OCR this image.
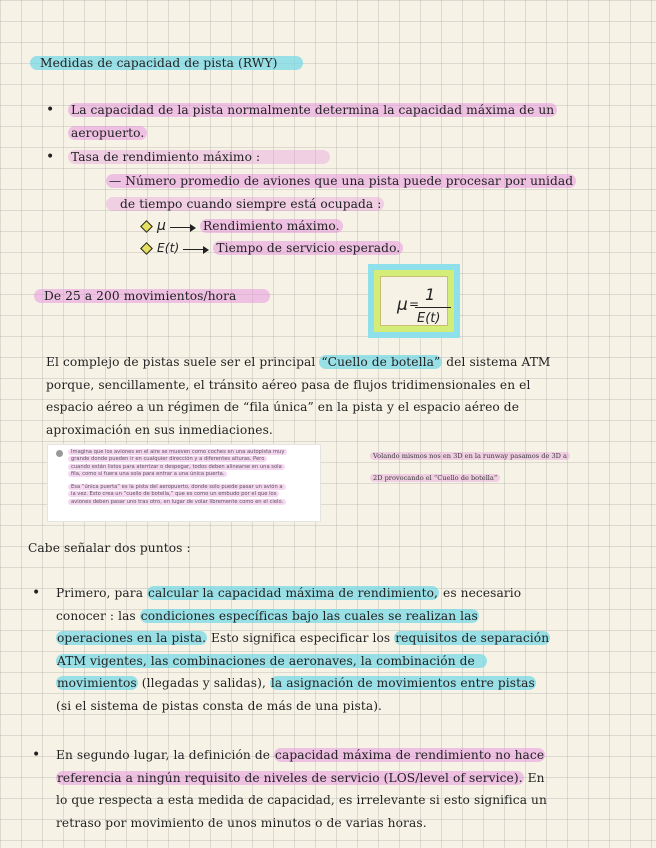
Medidas de capacidad de pista (RWY)
• La capacidad de la pista normalmente determina la capacidad máxima de un
aeropuerto.
• Tasa de rendimiento máximo :
— Número promedio de aviones que una pista puede procesar por unidad
de tiempo cuando siempre está ocupada :
μ	Rendimiento máximo.
E(t)	Tiempo de servicio esperado.
De 25 a 200 movimientos/hora	μ = 1
E(t)
El complejo de pistas suele ser el principal “Cuello de botella” del sistema ATM
porque, sencillamente, el tránsito aéreo pasa de flujos tridimensionales en el
espacio aéreo a un régimen de “fila única” en la pista y el espacio aéreo de
aproximación en sus inmediaciones.

Imagina que los aviones en el aire se mueven como coches en una autopista muy

grande donde pueden ir en cualquier dirección y a diferentes alturas. Pero

cuando están listos para aterrizar o despegar, todos deben alinearse en una sola

fila, como si fuera una sola para entrar a una única puerta.

Esa “única puerta” es la pista del aeropuerto, donde solo puede pasar un avión a

la vez. Esto crea un “cuello de botella,” que es como un embudo por el que los

aviones deben pasar uno tras otro, en lugar de volar libremente como en el cielo.

Volando mismos nos en 3D en la runway pasamos de 3D a
2D provocando el “Cuello de botella”
Cabe señalar dos puntos :
• Primero, para calcular la capacidad máxima de rendimiento, es necesario
conocer : las condiciones específicas bajo las cuales se realizan las
operaciones en la pista. Esto significa especificar los requisitos de separación
ATM vigentes, las combinaciones de aeronaves, la combinación de
movimientos (llegadas y salidas), la asignación de movimientos entre pistas
(si el sistema de pistas consta de más de una pista).
• En segundo lugar, la definición de capacidad máxima de rendimiento no hace
referencia a ningún requisito de niveles de servicio (LOS/level of service). En
lo que respecta a esta medida de capacidad, es irrelevante si esto significa un
retraso por movimiento de unos minutos o de varias horas.
